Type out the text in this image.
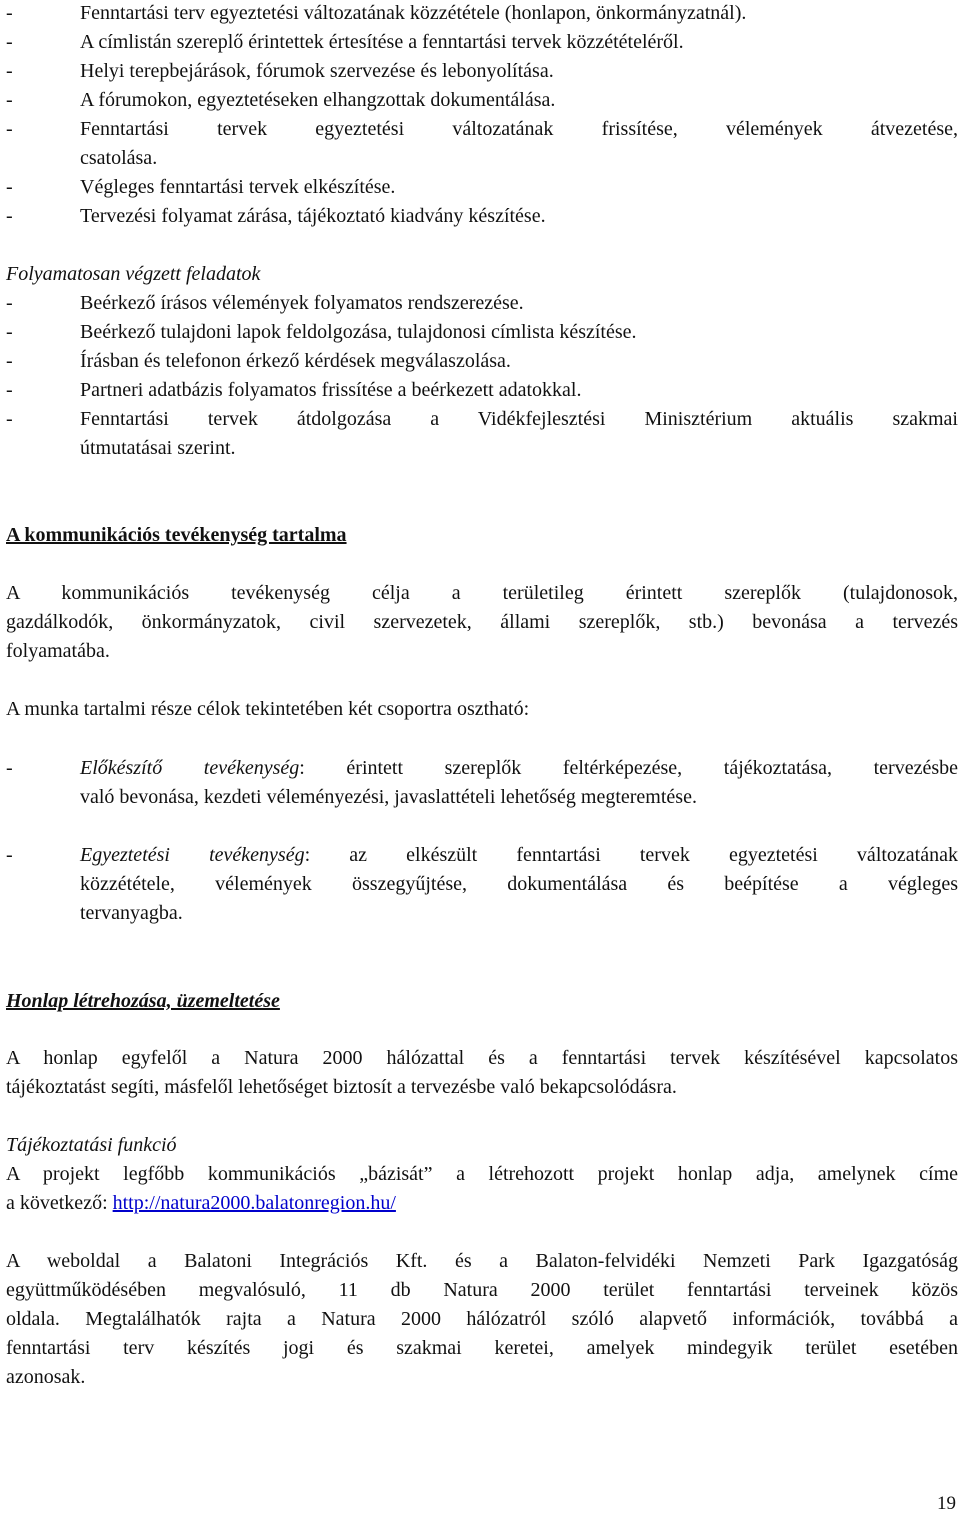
-	Fenntartási terv egyeztetési változatának közzététele (honlapon, önkormányzatnál).
-	A címlistán szereplő érintettek értesítése a fenntartási tervek közzétételéről.
-	Helyi terepbejárások, fórumok szervezése és lebonyolítása.
-	A fórumokon, egyeztetéseken elhangzottak dokumentálása.
-	Fenntartási tervek egyeztetési változatának frissítése, vélemények átvezetése,
csatolása.
-	Végleges fenntartási tervek elkészítése.
-	Tervezési folyamat zárása, tájékoztató kiadvány készítése.
Folyamatosan végzett feladatok
-	Beérkező írásos vélemények folyamatos rendszerezése.
-	Beérkező tulajdoni lapok feldolgozása, tulajdonosi címlista készítése.
-	Írásban és telefonon érkező kérdések megválaszolása.
-	Partneri adatbázis folyamatos frissítése a beérkezett adatokkal.
-	Fenntartási tervek átdolgozása a Vidékfejlesztési Minisztérium aktuális szakmai
útmutatásai szerint.
A kommunikációs tevékenység tartalma
A kommunikációs tevékenység célja a területileg érintett szereplők (tulajdonosok,
gazdálkodók, önkormányzatok, civil szervezetek, állami szereplők, stb.) bevonása a tervezés
folyamatába.
A munka tartalmi része célok tekintetében két csoportra osztható:
-	Előkészítő tevékenység: érintett szereplők feltérképezése, tájékoztatása, tervezésbe
való bevonása, kezdeti véleményezési, javaslattételi lehetőség megteremtése.
-	Egyeztetési tevékenység: az elkészült fenntartási tervek egyeztetési változatának
közzététele, vélemények összegyűjtése, dokumentálása és beépítése a végleges
tervanyagba.
Honlap létrehozása, üzemeltetése
A honlap egyfelől a Natura 2000 hálózattal és a fenntartási tervek készítésével kapcsolatos
tájékoztatást segíti, másfelől lehetőséget biztosít a tervezésbe való bekapcsolódásra.
Tájékoztatási funkció
A projekt legfőbb kommunikációs „bázisát” a létrehozott projekt honlap adja, amelynek címe
a következő: http://natura2000.balatonregion.hu/
A weboldal a Balatoni Integrációs Kft. és a Balaton-felvidéki Nemzeti Park Igazgatóság
együttműködésében megvalósuló, 11 db Natura 2000 terület fenntartási terveinek közös
oldala. Megtalálhatók rajta a Natura 2000 hálózatról szóló alapvető információk, továbbá a
fenntartási terv készítés jogi és szakmai keretei, amelyek mindegyik terület esetében
azonosak.
19
